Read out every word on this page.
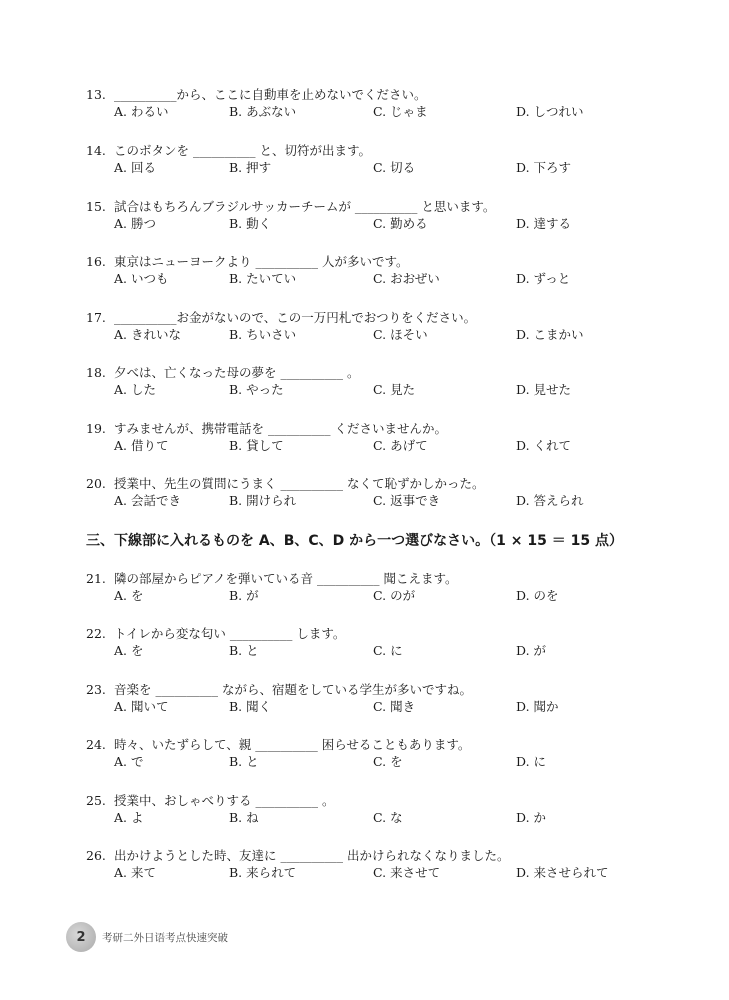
13. __________から、ここに自動車を止めないでください。
A. わるい	B. あぶない	C. じゃま	D. しつれい
14. このボタンを __________ と、切符が出ます。
A. 回る	B. 押す	C. 切る	D. 下ろす
15. 試合はもちろんブラジルサッカーチームが __________ と思います。
A. 勝つ	B. 動く	C. 勤める	D. 達する
16. 東京はニューヨークより __________ 人が多いです。
A. いつも	B. たいてい	C. おおぜい	D. ずっと
17. __________お金がないので、この一万円札でおつりをください。
A. きれいな	B. ちいさい	C. ほそい	D. こまかい
18. 夕べは、亡くなった母の夢を __________ 。
A. した	B. やった	C. 見た	D. 見せた
19. すみませんが、携帯電話を __________ くださいませんか。
A. 借りて	B. 貸して	C. あげて	D. くれて
20. 授業中、先生の質問にうまく __________ なくて恥ずかしかった。
A. 会話でき	B. 開けられ	C. 返事でき	D. 答えられ
三、下線部に入れるものを A、B、C、D から一つ選びなさい。（1 × 15 ＝ 15 点）
21. 隣の部屋からピアノを弾いている音 __________ 聞こえます。
A. を	B. が	C. のが	D. のを
22. トイレから変な匂い __________ します。
A. を	B. と	C. に	D. が
23. 音楽を __________ ながら、宿題をしている学生が多いですね。
A. 聞いて	B. 聞く	C. 聞き	D. 聞か
24. 時々、いたずらして、親 __________ 困らせることもあります。
A. で	B. と	C. を	D. に
25. 授業中、おしゃべりする __________ 。
A. よ	B. ね	C. な	D. か
26. 出かけようとした時、友達に __________ 出かけられなくなりました。
A. 来て	B. 来られて	C. 来させて	D. 来させられて
2	考研二外日语考点快速突破
